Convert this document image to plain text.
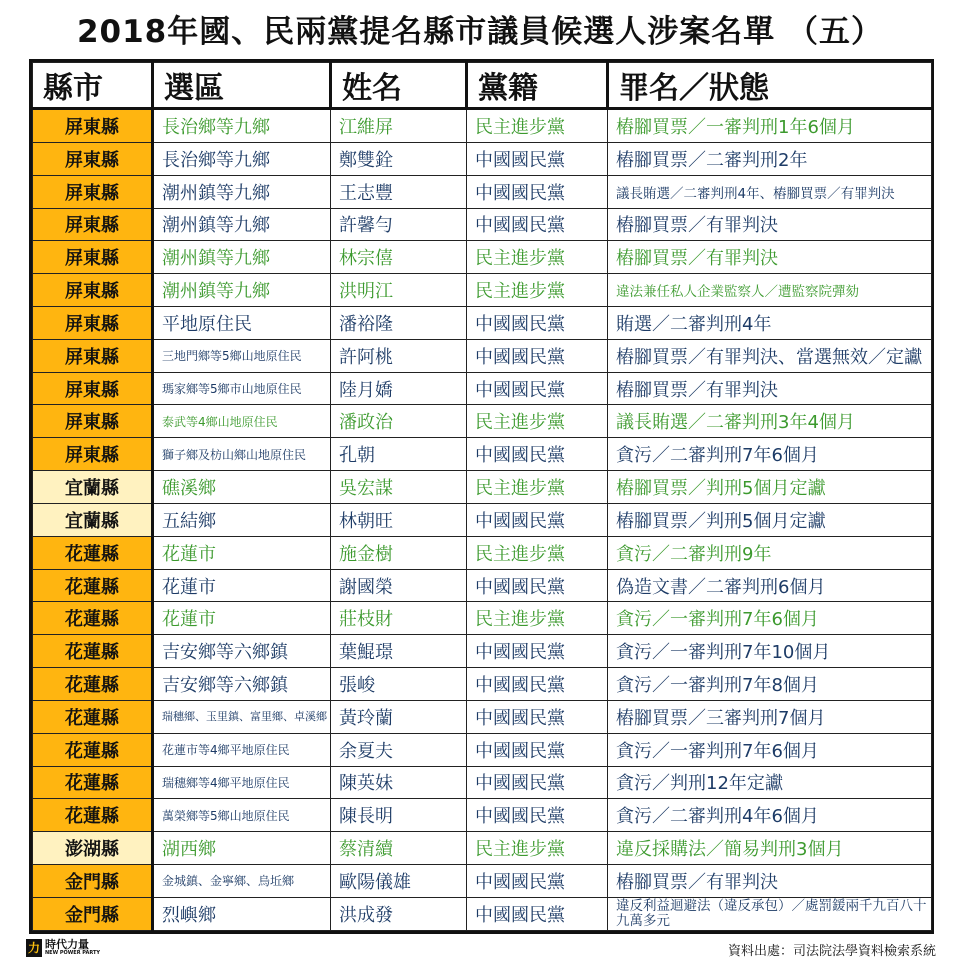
2018年國、民兩黨提名縣市議員候選人涉案名單 （五）
縣市	選區	姓名	黨籍	罪名／狀態
屏東縣	長治鄉等九鄉	江維屏	民主進步黨	樁腳買票／一審判刑1年6個月
屏東縣	長治鄉等九鄉	鄭雙銓	中國國民黨	樁腳買票／二審判刑2年
屏東縣	潮州鎮等九鄉	王志豐	中國國民黨	議長賄選／二審判刑4年、樁腳買票／有罪判決
屏東縣	潮州鎮等九鄉	許馨勻	中國國民黨	樁腳買票／有罪判決
屏東縣	潮州鎮等九鄉	林宗僖	民主進步黨	樁腳買票／有罪判決
屏東縣	潮州鎮等九鄉	洪明江	民主進步黨	違法兼任私人企業監察人／遭監察院彈劾
屏東縣	平地原住民	潘裕隆	中國國民黨	賄選／二審判刑4年
屏東縣	三地門鄉等5鄉山地原住民	許阿桃	中國國民黨	樁腳買票／有罪判決、當選無效／定讞
屏東縣	瑪家鄉等5鄉市山地原住民	陸月嬌	中國國民黨	樁腳買票／有罪判決
屏東縣	泰武等4鄉山地原住民	潘政治	民主進步黨	議長賄選／二審判刑3年4個月
屏東縣	獅子鄉及枋山鄉山地原住民	孔朝	中國國民黨	貪污／二審判刑7年6個月
宜蘭縣	礁溪鄉	吳宏謀	民主進步黨	樁腳買票／判刑5個月定讞
宜蘭縣	五結鄉	林朝旺	中國國民黨	樁腳買票／判刑5個月定讞
花蓮縣	花蓮市	施金樹	民主進步黨	貪污／二審判刑9年
花蓮縣	花蓮市	謝國榮	中國國民黨	偽造文書／二審判刑6個月
花蓮縣	花蓮市	莊枝財	民主進步黨	貪污／一審判刑7年6個月
花蓮縣	吉安鄉等六鄉鎮	葉鯤璟	中國國民黨	貪污／一審判刑7年10個月
花蓮縣	吉安鄉等六鄉鎮	張峻	中國國民黨	貪污／一審判刑7年8個月
花蓮縣	瑞穗鄉、玉里鎮、富里鄉、卓溪鄉	黃玲蘭	中國國民黨	樁腳買票／三審判刑7個月
花蓮縣	花蓮市等4鄉平地原住民	余夏夫	中國國民黨	貪污／一審判刑7年6個月
花蓮縣	瑞穗鄉等4鄉平地原住民	陳英妹	中國國民黨	貪污／判刑12年定讞
花蓮縣	萬榮鄉等5鄉山地原住民	陳長明	中國國民黨	貪污／二審判刑4年6個月
澎湖縣	湖西鄉	蔡清續	民主進步黨	違反採購法／簡易判刑3個月
金門縣	金城鎮、金寧鄉、烏坵鄉	歐陽儀雄	中國國民黨	樁腳買票／有罪判決
金門縣	烈嶼鄉	洪成發	中國國民黨	違反利益迴避法（違反承包）／處罰鍰兩千九百八十九萬多元
力 時代力量
NEW POWER PARTY	資料出處：司法院法學資料檢索系統
